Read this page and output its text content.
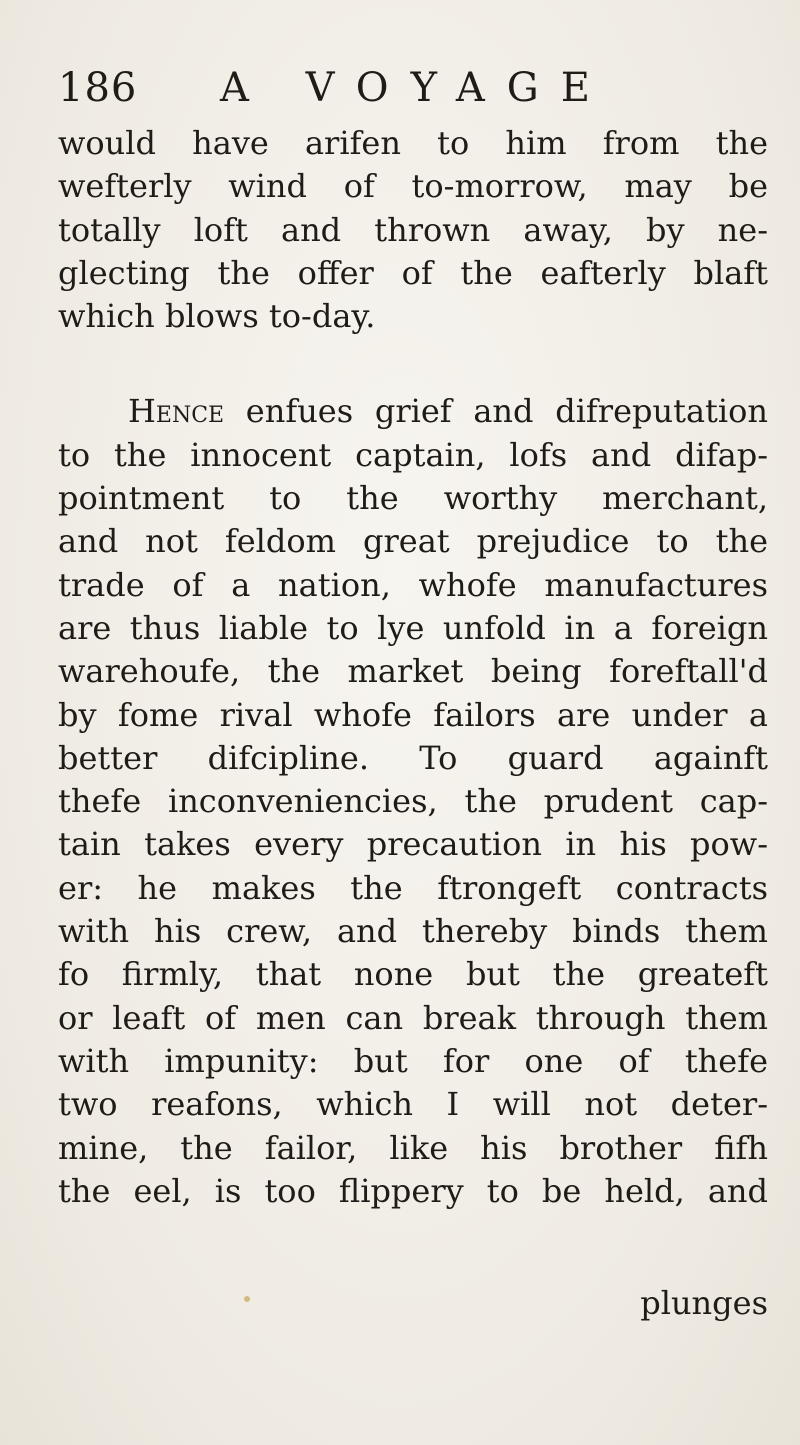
186 A VOYAGE
would have arifen to him from the
wefterly wind of to-morrow, may be
totally loft and thrown away, by ne-
glecting the offer of the eafterly blaft
which blows to-day.
Hence enfues grief and difreputation
to the innocent captain, lofs and difap-
pointment to the worthy merchant,
and not feldom great prejudice to the
trade of a nation, whofe manufactures
are thus liable to lye unfold in a foreign
warehoufe, the market being foreftall'd
by fome rival whofe failors are under a
better difcipline. To guard againft
thefe inconveniencies, the prudent cap-
tain takes every precaution in his pow-
er: he makes the ftrongeft contracts
with his crew, and thereby binds them
fo firmly, that none but the greateft
or leaft of men can break through them
with impunity: but for one of thefe
two reafons, which I will not deter-
mine, the failor, like his brother fifh
the eel, is too flippery to be held, and
plunges
